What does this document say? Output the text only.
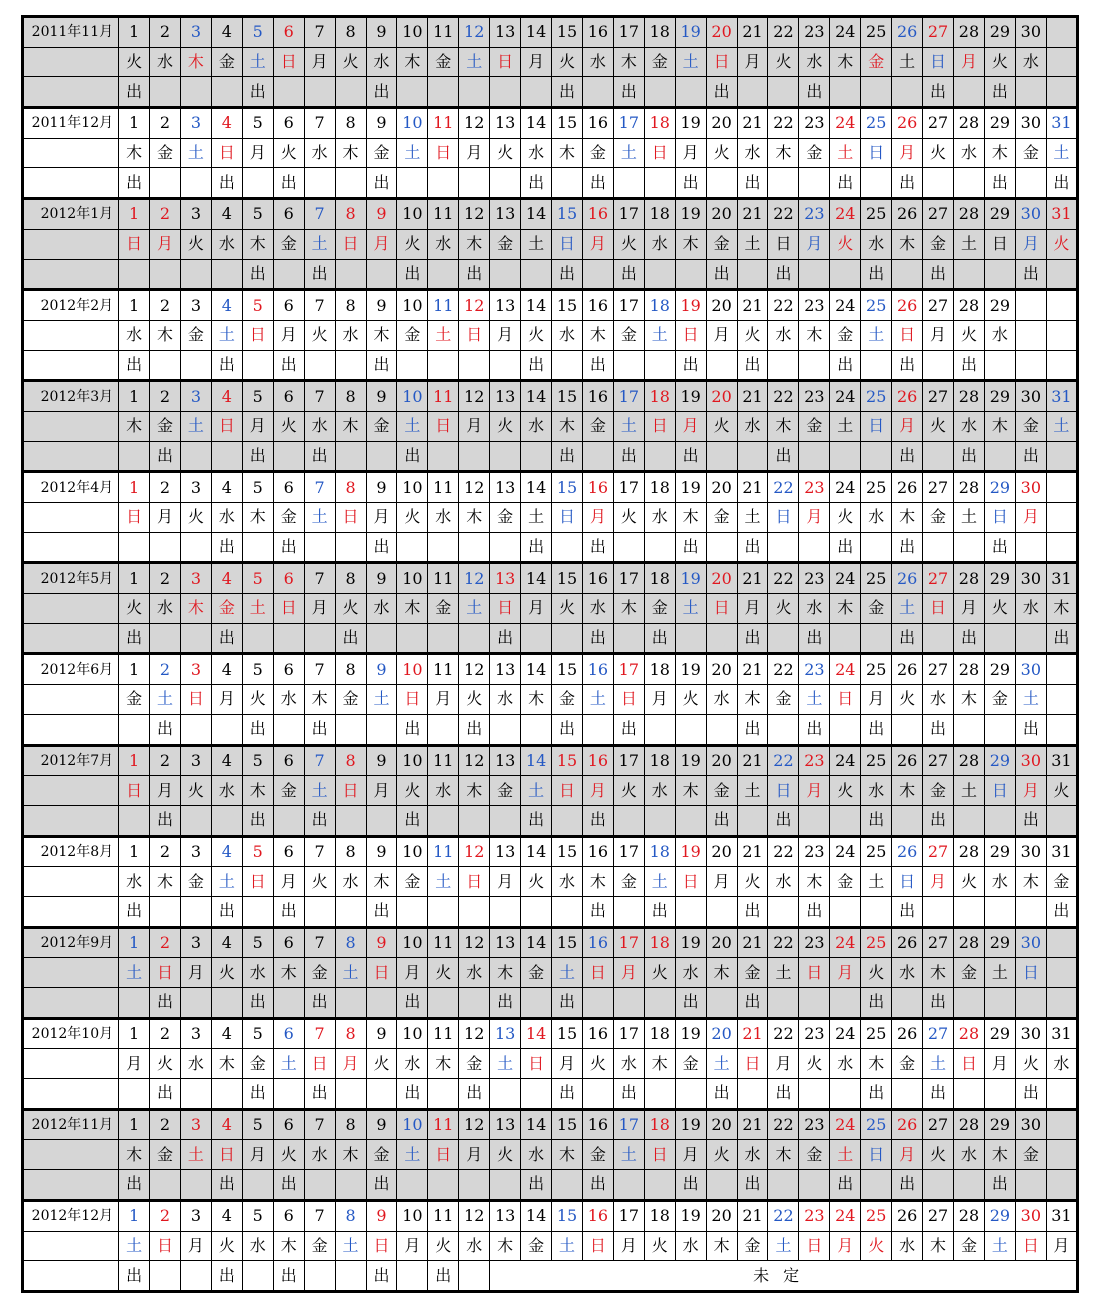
2011年11月	1	2	3	4	5	6	7	8	9	10	11	12	13	14	15	16	17	18	19	20	21	22	23	24	25	26	27	28	29	30	
	火	水	木	金	土	日	月	火	水	木	金	土	日	月	火	水	木	金	土	日	月	火	水	木	金	土	日	月	火	水	
	出				出				出						出		出			出			出				出		出		
2011年12月	1	2	3	4	5	6	7	8	9	10	11	12	13	14	15	16	17	18	19	20	21	22	23	24	25	26	27	28	29	30	31
	木	金	土	日	月	火	水	木	金	土	日	月	火	水	木	金	土	日	月	火	水	木	金	土	日	月	火	水	木	金	土
	出			出		出			出					出		出			出		出			出		出			出		出
2012年1月	1	2	3	4	5	6	7	8	9	10	11	12	13	14	15	16	17	18	19	20	21	22	23	24	25	26	27	28	29	30	31
	日	月	火	水	木	金	土	日	月	火	水	木	金	土	日	月	火	水	木	金	土	日	月	火	水	木	金	土	日	月	火
					出		出			出		出			出		出			出		出			出		出			出	
2012年2月	1	2	3	4	5	6	7	8	9	10	11	12	13	14	15	16	17	18	19	20	21	22	23	24	25	26	27	28	29		
	水	木	金	土	日	月	火	水	木	金	土	日	月	火	水	木	金	土	日	月	火	水	木	金	土	日	月	火	水		
	出			出		出			出					出		出			出		出			出		出		出			
2012年3月	1	2	3	4	5	6	7	8	9	10	11	12	13	14	15	16	17	18	19	20	21	22	23	24	25	26	27	28	29	30	31
	木	金	土	日	月	火	水	木	金	土	日	月	火	水	木	金	土	日	月	火	水	木	金	土	日	月	火	水	木	金	土
		出			出		出			出					出		出		出			出				出		出		出	
2012年4月	1	2	3	4	5	6	7	8	9	10	11	12	13	14	15	16	17	18	19	20	21	22	23	24	25	26	27	28	29	30	
	日	月	火	水	木	金	土	日	月	火	水	木	金	土	日	月	火	水	木	金	土	日	月	火	水	木	金	土	日	月	
				出		出			出					出		出			出		出			出		出			出		
2012年5月	1	2	3	4	5	6	7	8	9	10	11	12	13	14	15	16	17	18	19	20	21	22	23	24	25	26	27	28	29	30	31
	火	水	木	金	土	日	月	火	水	木	金	土	日	月	火	水	木	金	土	日	月	火	水	木	金	土	日	月	火	水	木
	出			出				出					出			出		出			出		出			出		出			出
2012年6月	1	2	3	4	5	6	7	8	9	10	11	12	13	14	15	16	17	18	19	20	21	22	23	24	25	26	27	28	29	30	
	金	土	日	月	火	水	木	金	土	日	月	火	水	木	金	土	日	月	火	水	木	金	土	日	月	火	水	木	金	土	
		出			出		出			出		出			出		出				出		出		出		出			出	
2012年7月	1	2	3	4	5	6	7	8	9	10	11	12	13	14	15	16	17	18	19	20	21	22	23	24	25	26	27	28	29	30	31
	日	月	火	水	木	金	土	日	月	火	水	木	金	土	日	月	火	水	木	金	土	日	月	火	水	木	金	土	日	月	火
		出			出		出			出				出		出				出		出			出		出			出	
2012年8月	1	2	3	4	5	6	7	8	9	10	11	12	13	14	15	16	17	18	19	20	21	22	23	24	25	26	27	28	29	30	31
	水	木	金	土	日	月	火	水	木	金	土	日	月	火	水	木	金	土	日	月	火	水	木	金	土	日	月	火	水	木	金
	出			出		出			出							出		出			出		出			出					出
2012年9月	1	2	3	4	5	6	7	8	9	10	11	12	13	14	15	16	17	18	19	20	21	22	23	24	25	26	27	28	29	30	
	土	日	月	火	水	木	金	土	日	月	火	水	木	金	土	日	月	火	水	木	金	土	日	月	火	水	木	金	土	日	
		出			出		出			出			出		出				出		出				出		出				
2012年10月	1	2	3	4	5	6	7	8	9	10	11	12	13	14	15	16	17	18	19	20	21	22	23	24	25	26	27	28	29	30	31
	月	火	水	木	金	土	日	月	火	水	木	金	土	日	月	火	水	木	金	土	日	月	火	水	木	金	土	日	月	火	水
		出			出		出			出		出			出		出			出		出			出		出			出	
2012年11月	1	2	3	4	5	6	7	8	9	10	11	12	13	14	15	16	17	18	19	20	21	22	23	24	25	26	27	28	29	30	
	木	金	土	日	月	火	水	木	金	土	日	月	火	水	木	金	土	日	月	火	水	木	金	土	日	月	火	水	木	金	
	出			出		出			出					出		出			出		出			出		出			出		
2012年12月	1	2	3	4	5	6	7	8	9	10	11	12	13	14	15	16	17	18	19	20	21	22	23	24	25	26	27	28	29	30	31
	土	日	月	火	水	木	金	土	日	月	火	水	木	金	土	日	月	火	水	木	金	土	日	月	火	水	木	金	土	日	月
	出			出		出			出		出		未定																		
